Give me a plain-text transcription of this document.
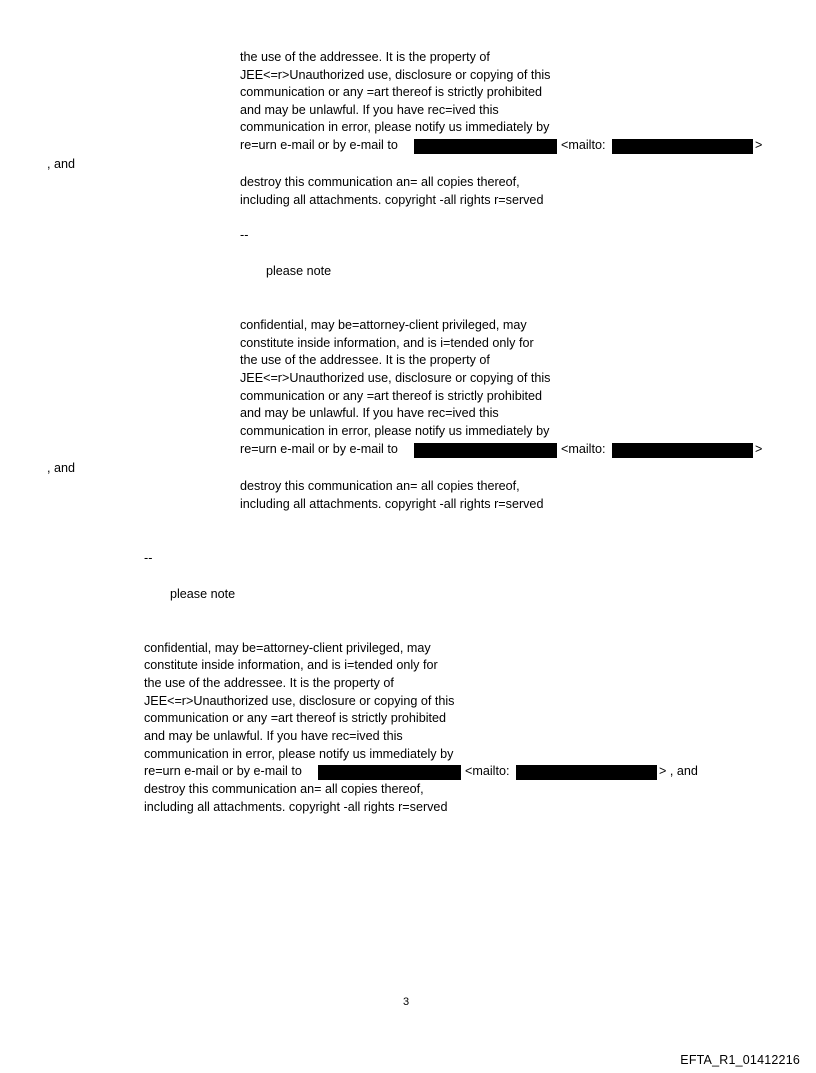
the use of the addressee. It is the property of
JEE<=r>Unauthorized use, disclosure or copying of this
communication or any =art thereof is strictly prohibited
and may be unlawful. If you have rec=ived this
communication in error, please notify us immediately by
re=urn e-mail or by e-mail to	<mailto:	>
, and
destroy this communication an= all copies thereof,
including all attachments. copyright -all rights r=served
--
please note
confidential, may be=attorney-client privileged, may
constitute inside information, and is i=tended only for
the use of the addressee. It is the property of
JEE<=r>Unauthorized use, disclosure or copying of this
communication or any =art thereof is strictly prohibited
and may be unlawful. If you have rec=ived this
communication in error, please notify us immediately by
re=urn e-mail or by e-mail to	<mailto:	>
, and
destroy this communication an= all copies thereof,
including all attachments. copyright -all rights r=served
--
please note
confidential, may be=attorney-client privileged, may
constitute inside information, and is i=tended only for
the use of the addressee. It is the property of
JEE<=r>Unauthorized use, disclosure or copying of this
communication or any =art thereof is strictly prohibited
and may be unlawful. If you have rec=ived this
communication in error, please notify us immediately by
re=urn e-mail or by e-mail to	<mailto:	> , and
destroy this communication an= all copies thereof,
including all attachments. copyright -all rights r=served
3
EFTA_R1_01412216
